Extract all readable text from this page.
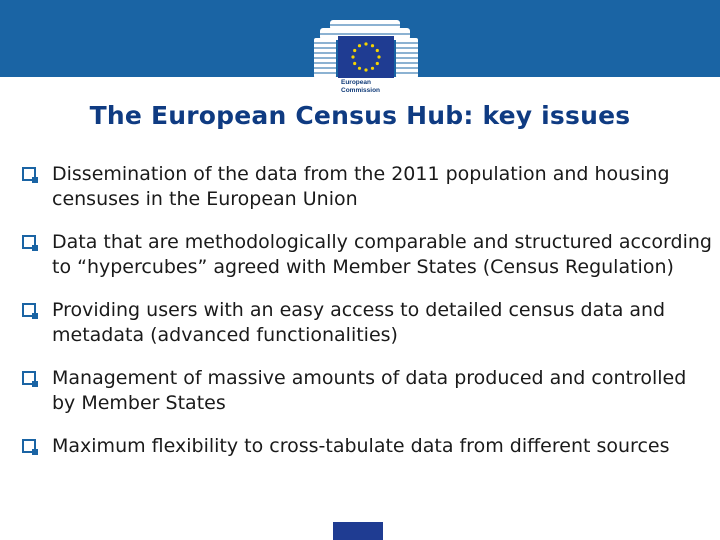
European
Commission
The European Census Hub: key issues
Dissemination of the data from the 2011 population and housing censuses in the European Union
Data that are methodologically comparable and structured according to “hypercubes” agreed with Member States (Census Regulation)
Providing users with an easy access to detailed census data and metadata (advanced functionalities)
Management of massive amounts of data produced and controlled by Member States
Maximum flexibility to cross-tabulate data from different sources
